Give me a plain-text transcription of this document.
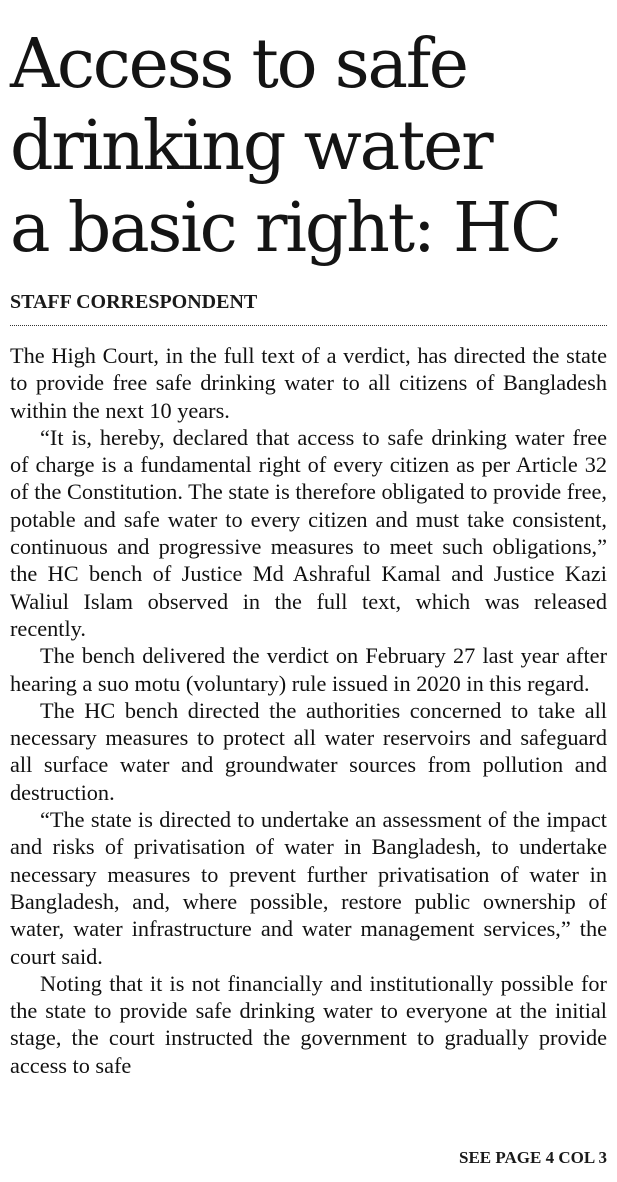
Access to safe
drinking water
a basic right: HC

STAFF CORRESPONDENT

The High Court, in the full text of a verdict, has directed the state to provide free safe drinking water to all citizens of Bangladesh within the next 10 years.

“It is, hereby, declared that access to safe drinking water free of charge is a fundamental right of every citizen as per Article 32 of the Constitution. The state is therefore obligated to provide free, potable and safe water to every citizen and must take consistent, continuous and progressive measures to meet such obligations,” the HC bench of Justice Md Ashraful Kamal and Justice Kazi Waliul Islam observed in the full text, which was released recently.

The bench delivered the verdict on February 27 last year after hearing a suo motu (voluntary) rule issued in 2020 in this regard.

The HC bench directed the authorities concerned to take all necessary measures to protect all water reservoirs and safeguard all surface water and groundwater sources from pollution and destruction.

“The state is directed to undertake an assessment of the impact and risks of privatisation of water in Bangladesh, to undertake necessary measures to prevent further privatisation of water in Bangladesh, and, where possible, restore public ownership of water, water infrastructure and water management services,” the court said.

Noting that it is not financially and institutionally possible for the state to provide safe drinking water to everyone at the initial stage, the court instructed the government to gradually provide access to safe

SEE PAGE 4 COL 3
